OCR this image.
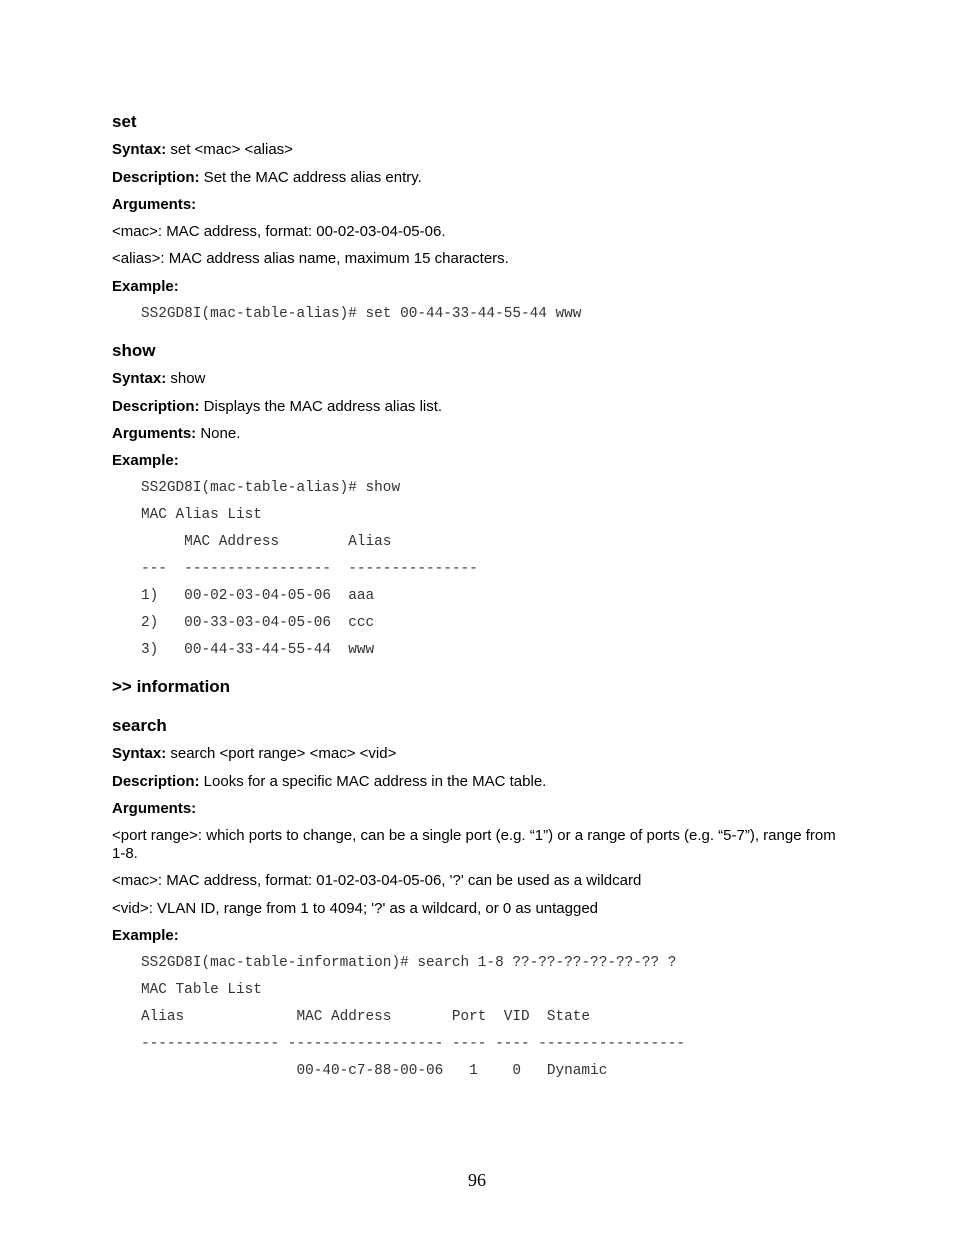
set
Syntax: set <mac> <alias>
Description: Set the MAC address alias entry.
Arguments:
<mac>: MAC address, format: 00-02-03-04-05-06.
<alias>: MAC address alias name, maximum 15 characters.
Example:
SS2GD8I(mac-table-alias)# set 00-44-33-44-55-44 www
show
Syntax: show
Description: Displays the MAC address alias list.
Arguments: None.
Example:
SS2GD8I(mac-table-alias)# show
MAC Alias List
MAC Address        Alias
---  -----------------  ---------------
1)   00-02-03-04-05-06  aaa
2)   00-33-03-04-05-06  ccc
3)   00-44-33-44-55-44  www
>> information
search
Syntax: search <port range> <mac> <vid>
Description: Looks for a specific MAC address in the MAC table.
Arguments:
<port range>: which ports to change, can be a single port (e.g. “1”) or a range of ports (e.g. “5-7”), range from 1-8.
<mac>: MAC address, format: 01-02-03-04-05-06, '?' can be used as a wildcard
<vid>: VLAN ID, range from 1 to 4094; '?' as a wildcard, or 0 as untagged
Example:
SS2GD8I(mac-table-information)# search 1-8 ??-??-??-??-??-?? ?
MAC Table List
Alias             MAC Address       Port  VID  State
---------------- ------------------ ---- ---- -----------------
00-40-c7-88-00-06   1    0   Dynamic
96
